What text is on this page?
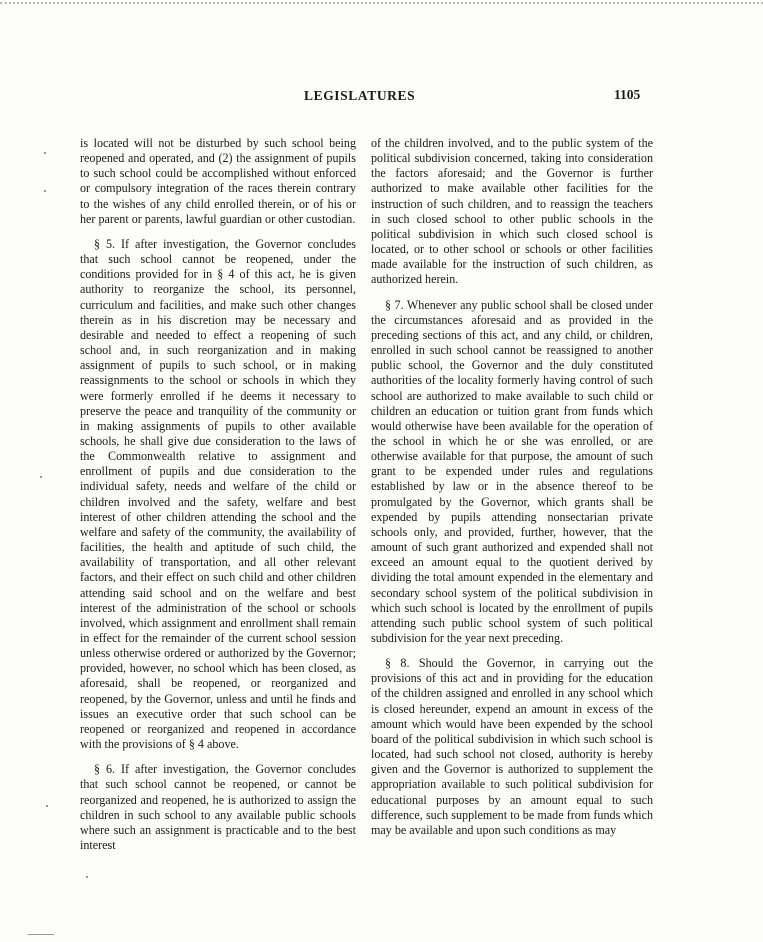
LEGISLATURES	1105

is located will not be disturbed by such school being reopened and operated, and (2) the assignment of pupils to such school could be accomplished without enforced or compulsory integration of the races therein contrary to the wishes of any child enrolled therein, or of his or her parent or parents, lawful guardian or other custodian.

§ 5. If after investigation, the Governor concludes that such school cannot be reopened, under the conditions provided for in § 4 of this act, he is given authority to reorganize the school, its personnel, curriculum and facilities, and make such other changes therein as in his discretion may be necessary and desirable and needed to effect a reopening of such school and, in such reorganization and in making assignment of pupils to such school, or in making reassignments to the school or schools in which they were formerly enrolled if he deems it necessary to preserve the peace and tranquility of the community or in making assignments of pupils to other available schools, he shall give due consideration to the laws of the Commonwealth relative to assignment and enrollment of pupils and due consideration to the individual safety, needs and welfare of the child or children involved and the safety, welfare and best interest of other children attending the school and the welfare and safety of the community, the availability of facilities, the health and aptitude of such child, the availability of transportation, and all other relevant factors, and their effect on such child and other children attending said school and on the welfare and best interest of the administration of the school or schools involved, which assignment and enrollment shall remain in effect for the remainder of the current school session unless otherwise ordered or authorized by the Governor; provided, however, no school which has been closed, as aforesaid, shall be reopened, or reorganized and reopened, by the Governor, unless and until he finds and issues an executive order that such school can be reopened or reorganized and reopened in accordance with the provisions of § 4 above.

§ 6. If after investigation, the Governor concludes that such school cannot be reopened, or cannot be reorganized and reopened, he is authorized to assign the children in such school to any available public schools where such an assignment is practicable and to the best interest

of the children involved, and to the public system of the political subdivision concerned, taking into consideration the factors aforesaid; and the Governor is further authorized to make available other facilities for the instruction of such children, and to reassign the teachers in such closed school to other public schools in the political subdivision in which such closed school is located, or to other school or schools or other facilities made available for the instruction of such children, as authorized herein.

§ 7. Whenever any public school shall be closed under the circumstances aforesaid and as provided in the preceding sections of this act, and any child, or children, enrolled in such school cannot be reassigned to another public school, the Governor and the duly constituted authorities of the locality formerly having control of such school are authorized to make available to such child or children an education or tuition grant from funds which would otherwise have been available for the operation of the school in which he or she was enrolled, or are otherwise available for that purpose, the amount of such grant to be expended under rules and regulations established by law or in the absence thereof to be promulgated by the Governor, which grants shall be expended by pupils attending nonsectarian private schools only, and provided, further, however, that the amount of such grant authorized and expended shall not exceed an amount equal to the quotient derived by dividing the total amount expended in the elementary and secondary school system of the political subdivision in which such school is located by the enrollment of pupils attending such public school system of such political subdivision for the year next preceding.

§ 8. Should the Governor, in carrying out the provisions of this act and in providing for the education of the children assigned and enrolled in any school which is closed hereunder, expend an amount in excess of the amount which would have been expended by the school board of the political subdivision in which such school is located, had such school not closed, authority is hereby given and the Governor is authorized to supplement the appropriation available to such political subdivision for educational purposes by an amount equal to such difference, such supplement to be made from funds which may be available and upon such conditions as may
